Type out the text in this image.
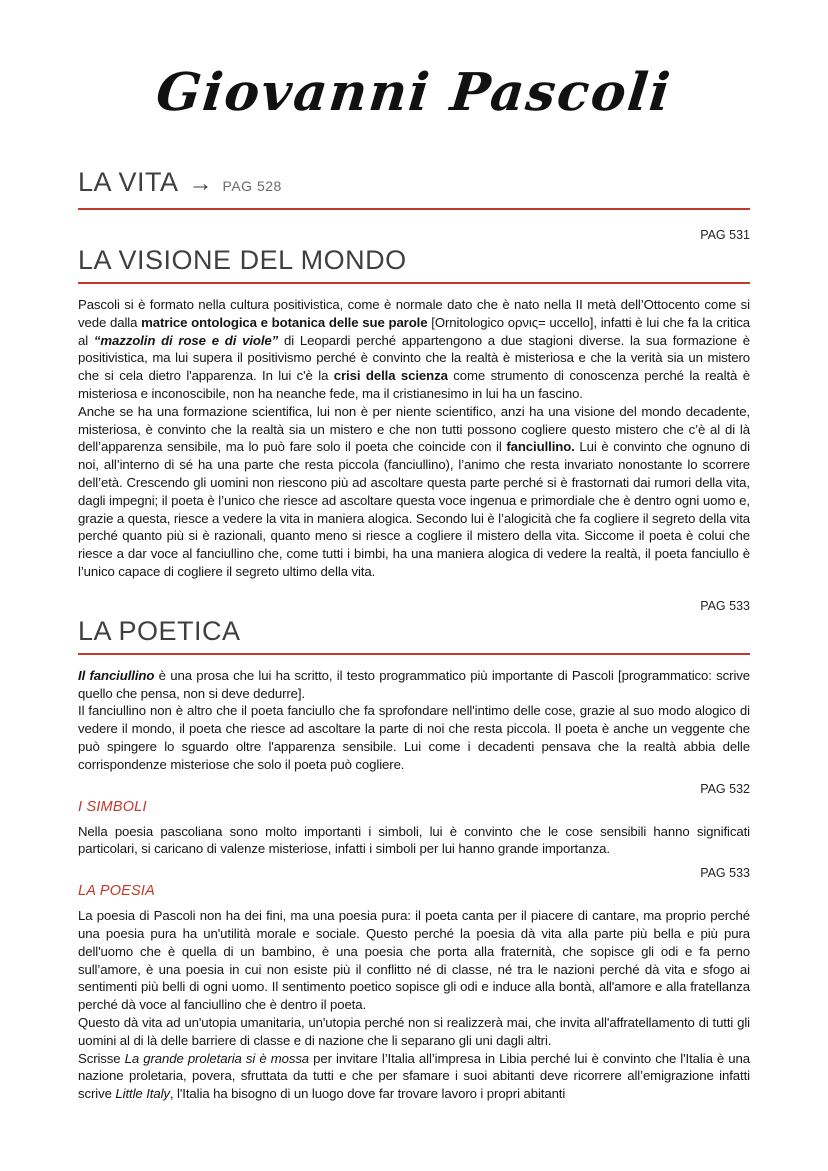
Giovanni Pascoli
LA VITA → PAG 528
PAG 531
LA VISIONE DEL MONDO

Pascoli si è formato nella cultura positivistica, come è normale dato che è nato nella II metà dell’Ottocento come si vede dalla matrice ontologica e botanica delle sue parole [Ornitologico ορνις= uccello], infatti è lui che fa la critica al “mazzolin di rose e di viole” di Leopardi perché appartengono a due stagioni diverse. la sua formazione è positivistica, ma lui supera il positivismo perché è convinto che la realtà è misteriosa e che la verità sia un mistero che si cela dietro l'apparenza. In lui c'è la crisi della scienza come strumento di conoscenza perché la realtà è misteriosa e inconoscibile, non ha neanche fede, ma il cristianesimo in lui ha un fascino.

Anche se ha una formazione scientifica, lui non è per niente scientifico, anzi ha una visione del mondo decadente, misteriosa, è convinto che la realtà sia un mistero e che non tutti possono cogliere questo mistero che c’è al di là dell’apparenza sensibile, ma lo può fare solo il poeta che coincide con il fanciullino. Lui è convinto che ognuno di noi, all’interno di sé ha una parte che resta piccola (fanciullino), l’animo che resta invariato nonostante lo scorrere dell’età. Crescendo gli uomini non riescono più ad ascoltare questa parte perché si è frastornati dai rumori della vita, dagli impegni; il poeta è l’unico che riesce ad ascoltare questa voce ingenua e primordiale che è dentro ogni uomo e, grazie a questa, riesce a vedere la vita in maniera alogica. Secondo lui è l’alogicità che fa cogliere il segreto della vita perché quanto più si è razionali, quanto meno si riesce a cogliere il mistero della vita. Siccome il poeta è colui che riesce a dar voce al fanciullino che, come tutti i bimbi, ha una maniera alogica di vedere la realtà, il poeta fanciullo è l’unico capace di cogliere il segreto ultimo della vita.

PAG 533
LA POETICA

Il fanciullino è una prosa che lui ha scritto, il testo programmatico più importante di Pascoli [programmatico: scrive quello che pensa, non si deve dedurre].

Il fanciullino non è altro che il poeta fanciullo che fa sprofondare nell'intimo delle cose, grazie al suo modo alogico di vedere il mondo, il poeta che riesce ad ascoltare la parte di noi che resta piccola. Il poeta è anche un veggente che può spingere lo sguardo oltre l'apparenza sensibile. Lui come i decadenti pensava che la realtà abbia delle corrispondenze misteriose che solo il poeta può cogliere.

PAG 532
I SIMBOLI

Nella poesia pascoliana sono molto importanti i simboli, lui è convinto che le cose sensibili hanno significati particolari, si caricano di valenze misteriose, infatti i simboli per lui hanno grande importanza.

PAG 533
LA POESIA

La poesia di Pascoli non ha dei fini, ma una poesia pura: il poeta canta per il piacere di cantare, ma proprio perché una poesia pura ha un'utilità morale e sociale. Questo perché la poesia dà vita alla parte più bella e più pura dell'uomo che è quella di un bambino, è una poesia che porta alla fraternità, che sopisce gli odi e fa perno sull’amore, è una poesia in cui non esiste più il conflitto né di classe, né tra le nazioni perché dà vita e sfogo ai sentimenti più belli di ogni uomo. Il sentimento poetico sopisce gli odi e induce alla bontà, all'amore e alla fratellanza perché dà voce al fanciullino che è dentro il poeta.

Questo dà vita ad un'utopia umanitaria, un'utopia perché non si realizzerà mai, che invita all'affratellamento di tutti gli uomini al di là delle barriere di classe e di nazione che li separano gli uni dagli altri.

Scrisse La grande proletaria si è mossa per invitare l’Italia all’impresa in Libia perché lui è convinto che l'Italia è una nazione proletaria, povera, sfruttata da tutti e che per sfamare i suoi abitanti deve ricorrere all’emigrazione infatti scrive Little Italy, l'Italia ha bisogno di un luogo dove far trovare lavoro i propri abitanti
